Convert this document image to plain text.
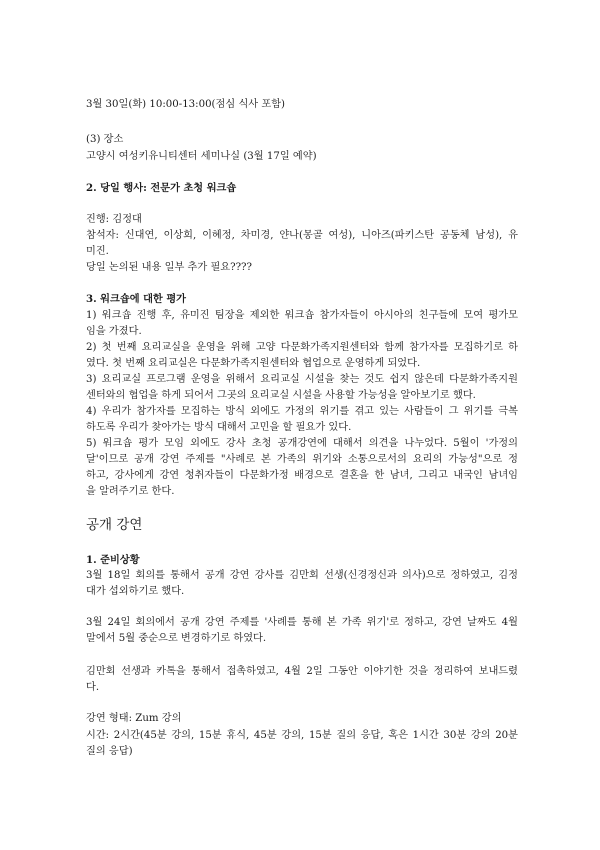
3월 30일(화) 10:00-13:00(점심 식사 포함)
(3) 장소
고양시 여성키유니티센터 세미나실 (3월 17일 예약)
2. 당일 행사: 전문가 초청 워크숍
진행: 김정대
참석자: 신대연, 이상희, 이혜정, 차미경, 얀나(몽골 여성), 니아즈(파키스탄 공동체 남성), 유
미진.
당일 논의된 내용 일부 추가 필요????
3. 워크숍에 대한 평가
1) 워크숍 진행 후, 유미진 팀장을 제외한 워크숍 참가자들이 아시아의 친구들에 모여 평가모
임을 가졌다.
2) 첫 번째 요리교실을 운영을 위해 고양 다문화가족지원센터와 함께 참가자를 모집하기로 하
였다. 첫 번째 요리교실은 다문화가족지원센터와 협업으로 운영하게 되었다.
3) 요리교실 프로그램 운영을 위해서 요리교실 시설을 찾는 것도 쉽지 않은데 다문화가족지원
센터와의 협업을 하게 되어서 그곳의 요리교실 시설을 사용할 가능성을 알아보기로 했다.
4) 우리가 참가자를 모집하는 방식 외에도 가정의 위기를 겪고 있는 사람들이 그 위기를 극복
하도록 우리가 찾아가는 방식 대해서 고민을 할 필요가 있다.
5) 워크숍 평가 모임 외에도 강사 초청 공개강연에 대해서 의견을 나누었다. 5월이 '가정의
달'이므로 공개 강연 주제를 "사례로 본 가족의 위기와 소통으로서의 요리의 가능성"으로 정
하고, 강사에게 강연 청취자들이 다문화가정 배경으로 결혼을 한 남녀, 그리고 내국인 남녀임
을 알려주기로 한다.
공개 강연
1. 준비상황
3월 18일 회의를 통해서 공개 강연 강사를 김만회 선생(신경정신과 의사)으로 정하였고, 김정
대가 섭외하기로 했다.
3월 24일 회의에서 공개 강연 주제를 '사례를 통해 본 가족 위기'로 정하고, 강연 날짜도 4월
말에서 5월 중순으로 변경하기로 하였다.
김만회 선생과 카톡을 통해서 접촉하였고, 4월 2일 그동안 이야기한 것을 정리하여 보내드렸
다.
강연 형태: Zum 강의
시간: 2시간(45분 강의, 15분 휴식, 45분 강의, 15분 질의 응답, 혹은 1시간 30분 강의 20분
질의 응답)
